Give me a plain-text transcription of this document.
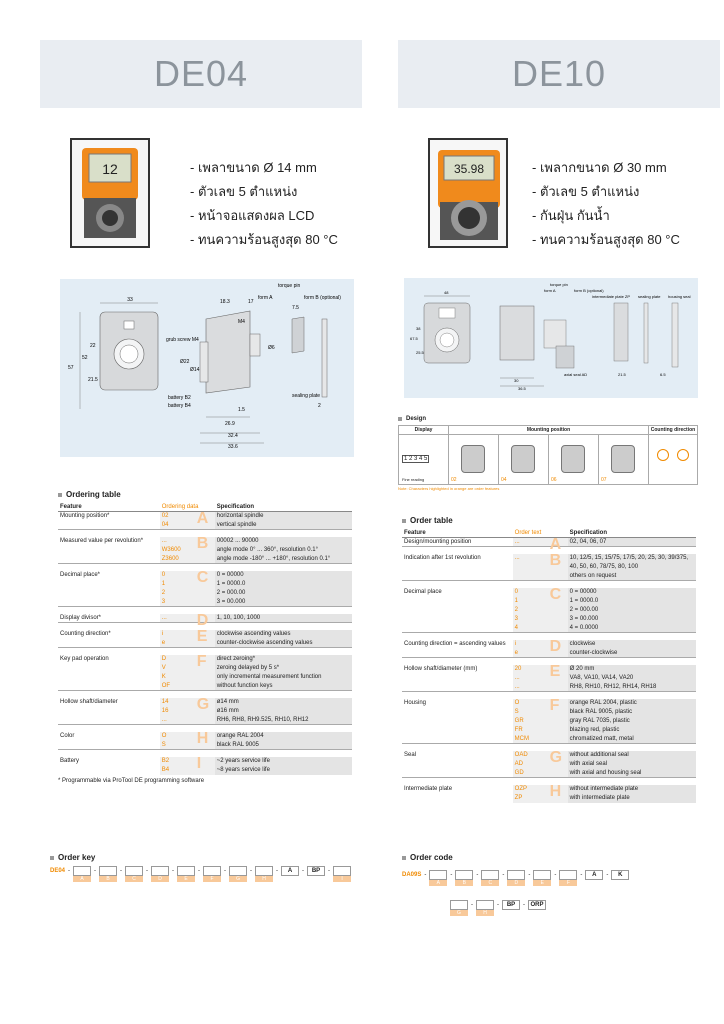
DE04
12	- เพลาขนาด Ø 14 mm
- ตัวเลข 5 ตำแหน่ง
- หน้าจอแสดงผล LCD
- ทนความร้อนสูงสุด 80 °C
33	18.3
7.5
17
22
52
57
21.5
Ø22
Ø14
1.5
26.9
32.4
33.6
2
Ø6
torque pin
form A	form B (optional)
grub screw M4
battery B2
battery B4
sealing plate
M4
Ordering table
Feature	Ordering data	Specification
Mounting position*	02	horizontal spindle
A

	04	vertical spindle

Measured value per revolution*	...	00002 ... 90000
B

	W3600	angle mode 0° ... 360°, resolution 0.1°
	Z3600	angle mode -180° ... +180°, resolution 0.1°

Decimal place*	0	0 = 00000
C

	1	1 = 0000.0
	2	2 = 000.00
	3	3 = 00.000

Display divisor*	...	1, 10, 100, 1000
D

Counting direction*	i	clockwise ascending values
E

	e	counter-clockwise ascending values

Key pad operation	D	direct zeroing*
F

	V	zeroing delayed by 5 s*
	K	only incremental measurement function
	OF	without function keys

Hollow shaft/diameter	14	ø14 mm
G

	16	ø16 mm
	...	RH6, RH8, RH9.525, RH10, RH12

Color	O	orange RAL 2004
H

	S	black RAL 9005

Battery	B2	~2 years service life
I

	B4	~8 years service life
* Programmable via ProTool DE programming software
Order key
DE04 -
A
-
B
-
C
-
D
-
E
-
F
-
G
-
H
-	A	-	BP	-
I
DE10
35.98	- เพลากขนาด Ø 30 mm
- ตัวเลข 5 ตำแหน่ง
- กันฝุ่น กันน้ำ
- ทนความร้อนสูงสุด 80 °C
48
67.5
38
25.5
30
36.5
21.5	6.5
torque pin
form A	form B (optional)
intermediate plate ZP sealing plate housing seal
axial seal AD
Design
Display	Mounting position	Counting direction
1 2 3 4 5
Fine reading	02	04	06	07
Note: Characters highlighted in orange are order features
Order table
Feature	Order text	Specification
Design/mounting position	...	02, 04, 06, 07
A

Indication after 1st revolution	...	10, 12/5, 15, 15/75, 17/5, 20, 25, 30, 39/375,
B

		40, 50, 60, 78/75, 80, 100
		others on request

Decimal place	0	0 = 00000
C

	1	1 = 0000.0
	2	2 = 000.00
	3	3 = 00.000
	4	4 = 0.0000

Counting direction = ascending values	i	clockwise
D

	e	counter-clockwise

Hollow shaft/diameter (mm)	20	Ø 20 mm
E

	...	VA8, VA10, VA14, VA20
	...	RH8, RH10, RH12, RH14, RH18

Housing	O	orange RAL 2004, plastic
F

	S	black RAL 9005, plastic
	GR	gray RAL 7035, plastic
	FR	blazing red, plastic
	MCM	chromatized matt, metal

Seal	OAD	without additional seal
G

	AD	with axial seal
	GD	with axial and housing seal

Intermediate plate	OZP	without intermediate plate
H

	ZP	with intermediate plate
Order code
DA09S -
A
-
B
-
C
-
D
-
E
-
F
-	A	-	K
G
-
H
-	BP	- ORP
